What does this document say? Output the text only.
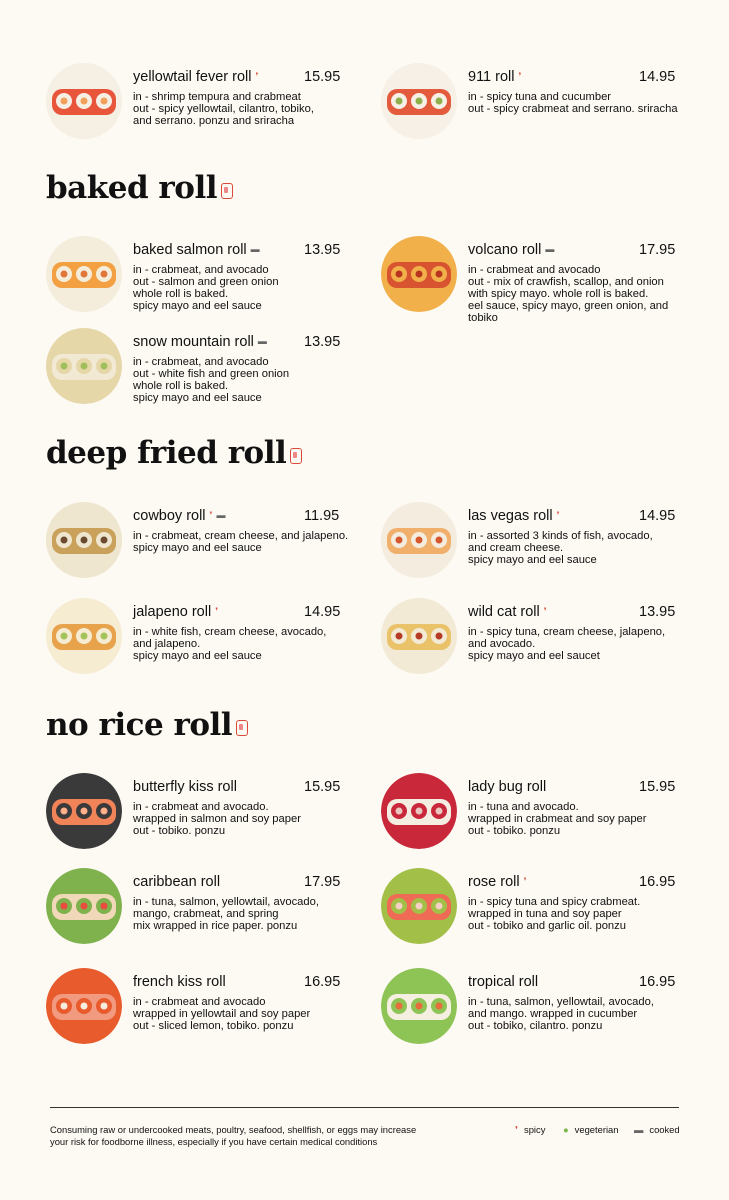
baked roll
deep fried roll
no rice roll
yellowtail fever roll ❜	15.95
in - shrimp tempura and crabmeat
out - spicy yellowtail, cilantro, tobiko,
and serrano. ponzu and sriracha
911 roll ❜	14.95
in - spicy tuna and cucumber
out - spicy crabmeat and serrano. sriracha
baked salmon roll ▬	13.95
in - crabmeat, and avocado
out - salmon and green onion
whole roll is baked.
spicy mayo and eel sauce
volcano roll ▬	17.95
in - crabmeat and avocado
out - mix of crawfish, scallop, and onion
with spicy mayo. whole roll is baked.
eel sauce, spicy mayo, green onion, and
tobiko
snow mountain roll ▬	13.95
in - crabmeat, and avocado
out - white fish and green onion
whole roll is baked.
spicy mayo and eel sauce
cowboy roll ❜ ▬	11.95
in - crabmeat, cream cheese, and jalapeno.
spicy mayo and eel sauce
las vegas roll ❜	14.95
in - assorted 3 kinds of fish, avocado,
and cream cheese.
spicy mayo and eel sauce
jalapeno roll ❜	14.95
in - white fish, cream cheese, avocado,
and jalapeno.
spicy mayo and eel sauce
wild cat roll ❜	13.95
in - spicy tuna, cream cheese, jalapeno,
and avocado.
spicy mayo and eel saucet
butterfly kiss roll	15.95
in - crabmeat and avocado.
wrapped in salmon and soy paper
out - tobiko. ponzu
lady bug roll	15.95
in - tuna and avocado.
wrapped in crabmeat and soy paper
out - tobiko. ponzu
caribbean roll	17.95
in - tuna, salmon, yellowtail, avocado,
mango, crabmeat, and spring
mix wrapped in rice paper. ponzu
rose roll ❜	16.95
in - spicy tuna and spicy crabmeat.
wrapped in tuna and soy paper
out - tobiko and garlic oil. ponzu
french kiss roll	16.95
in - crabmeat and avocado
wrapped in yellowtail and soy paper
out - sliced lemon, tobiko. ponzu
tropical roll	16.95
in - tuna, salmon, yellowtail, avocado,
and mango. wrapped in cucumber
out - tobiko, cilantro. ponzu
Consuming raw or undercooked meats, poultry, seafood, shellfish, or eggs may increase
your risk for foodborne illness, especially if you have certain medical conditions
❜ spicy ● vegeterian ▬ cooked
